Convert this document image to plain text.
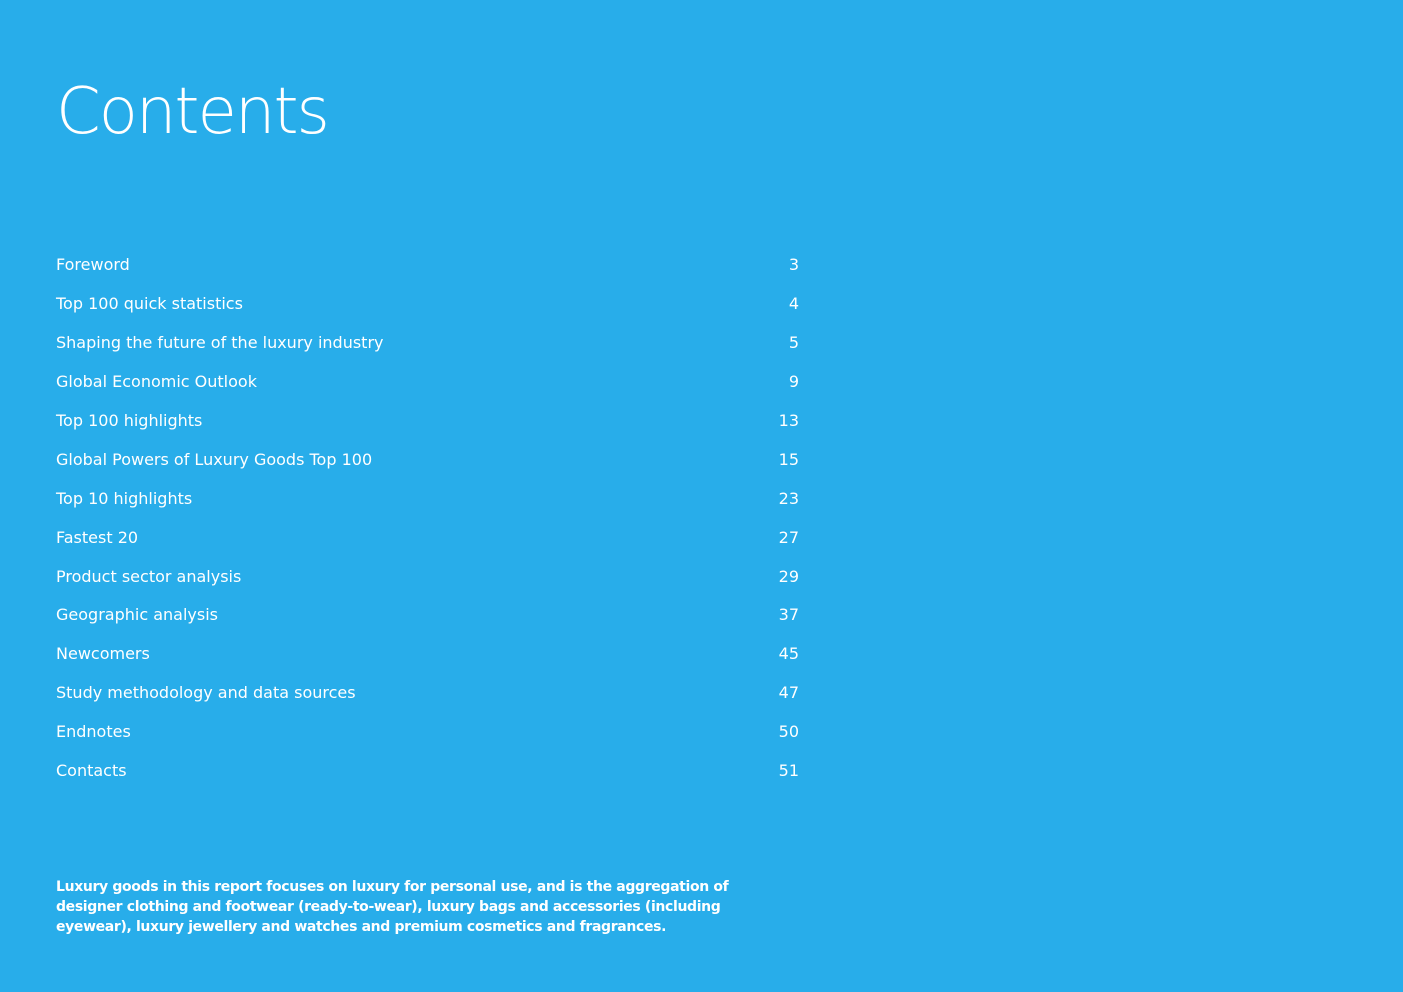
Contents
Foreword	3
Top 100 quick statistics	4
Shaping the future of the luxury industry	5
Global Economic Outlook	9
Top 100 highlights	13
Global Powers of Luxury Goods Top 100	15
Top 10 highlights	23
Fastest 20	27
Product sector analysis	29
Geographic analysis	37
Newcomers	45
Study methodology and data sources	47
Endnotes	50
Contacts	51

Luxury goods in this report focuses on luxury for personal use, and is the aggregation of designer clothing and footwear (ready-to-wear), luxury bags and accessories (including eyewear), luxury jewellery and watches and premium cosmetics and fragrances.
